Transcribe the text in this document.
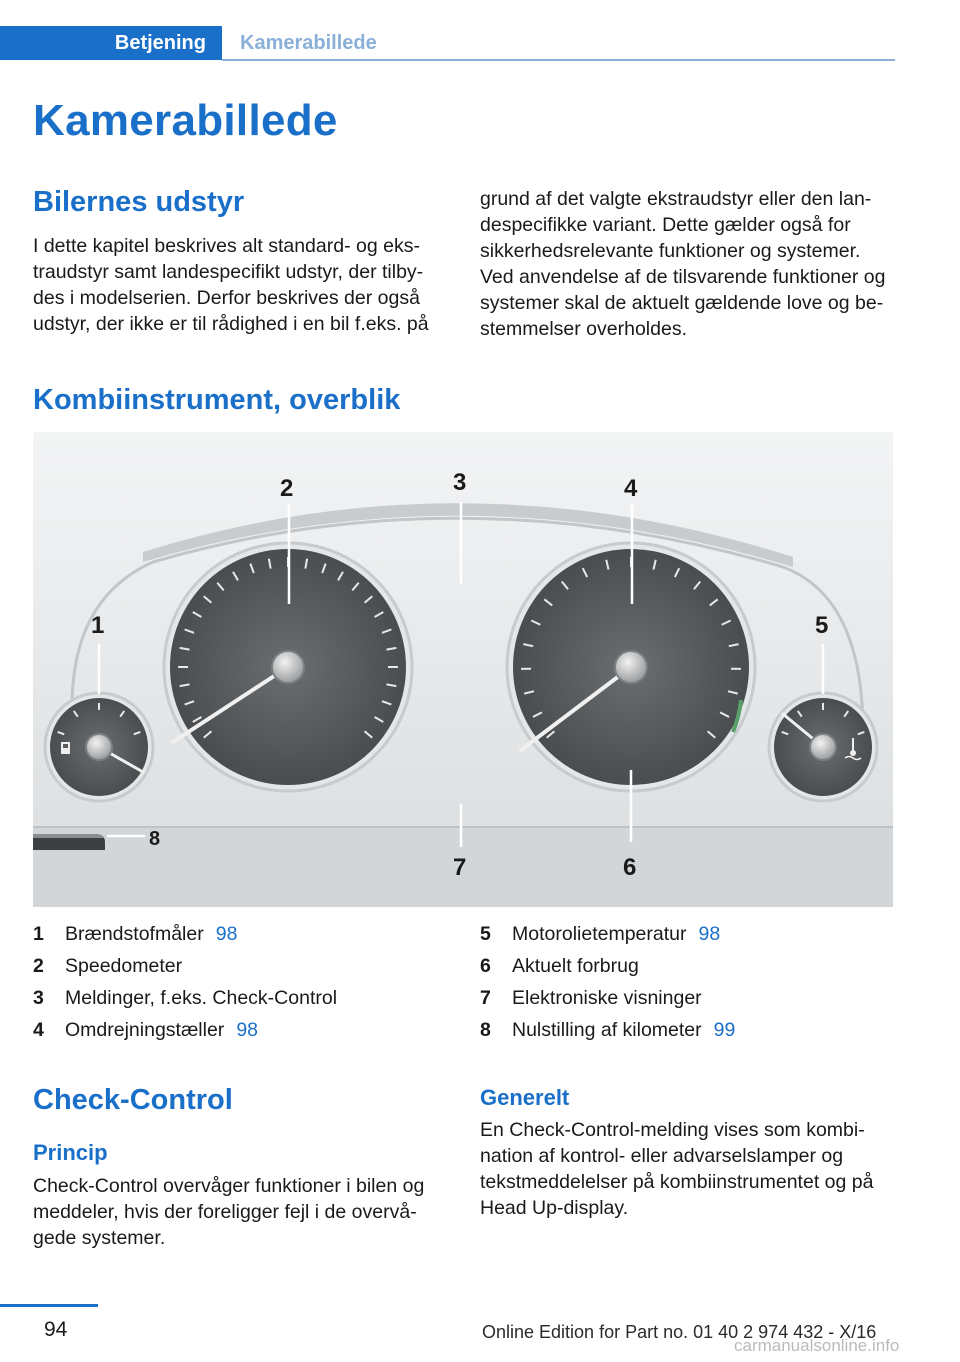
Betjening	Kamerabillede
Kamerabillede
Bilernes udstyr
I dette kapitel beskrives alt standard- og eks-
traudstyr samt landespecifikt udstyr, der tilby-
des i modelserien. Derfor beskrives der også
udstyr, der ikke er til rådighed i en bil f.eks. på
grund af det valgte ekstraudstyr eller den lan-
despecifikke variant. Dette gælder også for
sikkerhedsrelevante funktioner og systemer.
Ved anvendelse af de tilsvarende funktioner og
systemer skal de aktuelt gældende love og be-
stemmelser overholdes.
Kombiinstrument, overblik
1
2	3	4
5
6
7
8
1 Brændstofmåler 98
2 Speedometer
3 Meldinger, f.eks. Check-Control
4 Omdrejningstæller 98
5 Motorolietemperatur 98
6 Aktuelt forbrug
7 Elektroniske visninger
8 Nulstilling af kilometer 99
Check-Control
Princip
Check-Control overvåger funktioner i bilen og
meddeler, hvis der foreligger fejl i de overvå-
gede systemer.
Generelt
En Check-Control-melding vises som kombi-
nation af kontrol- eller advarselslamper og
tekstmeddelelser på kombiinstrumentet og på
Head Up-display.
94	Online Edition for Part no. 01 40 2 974 432 - X/16
carmanualsonline.info
